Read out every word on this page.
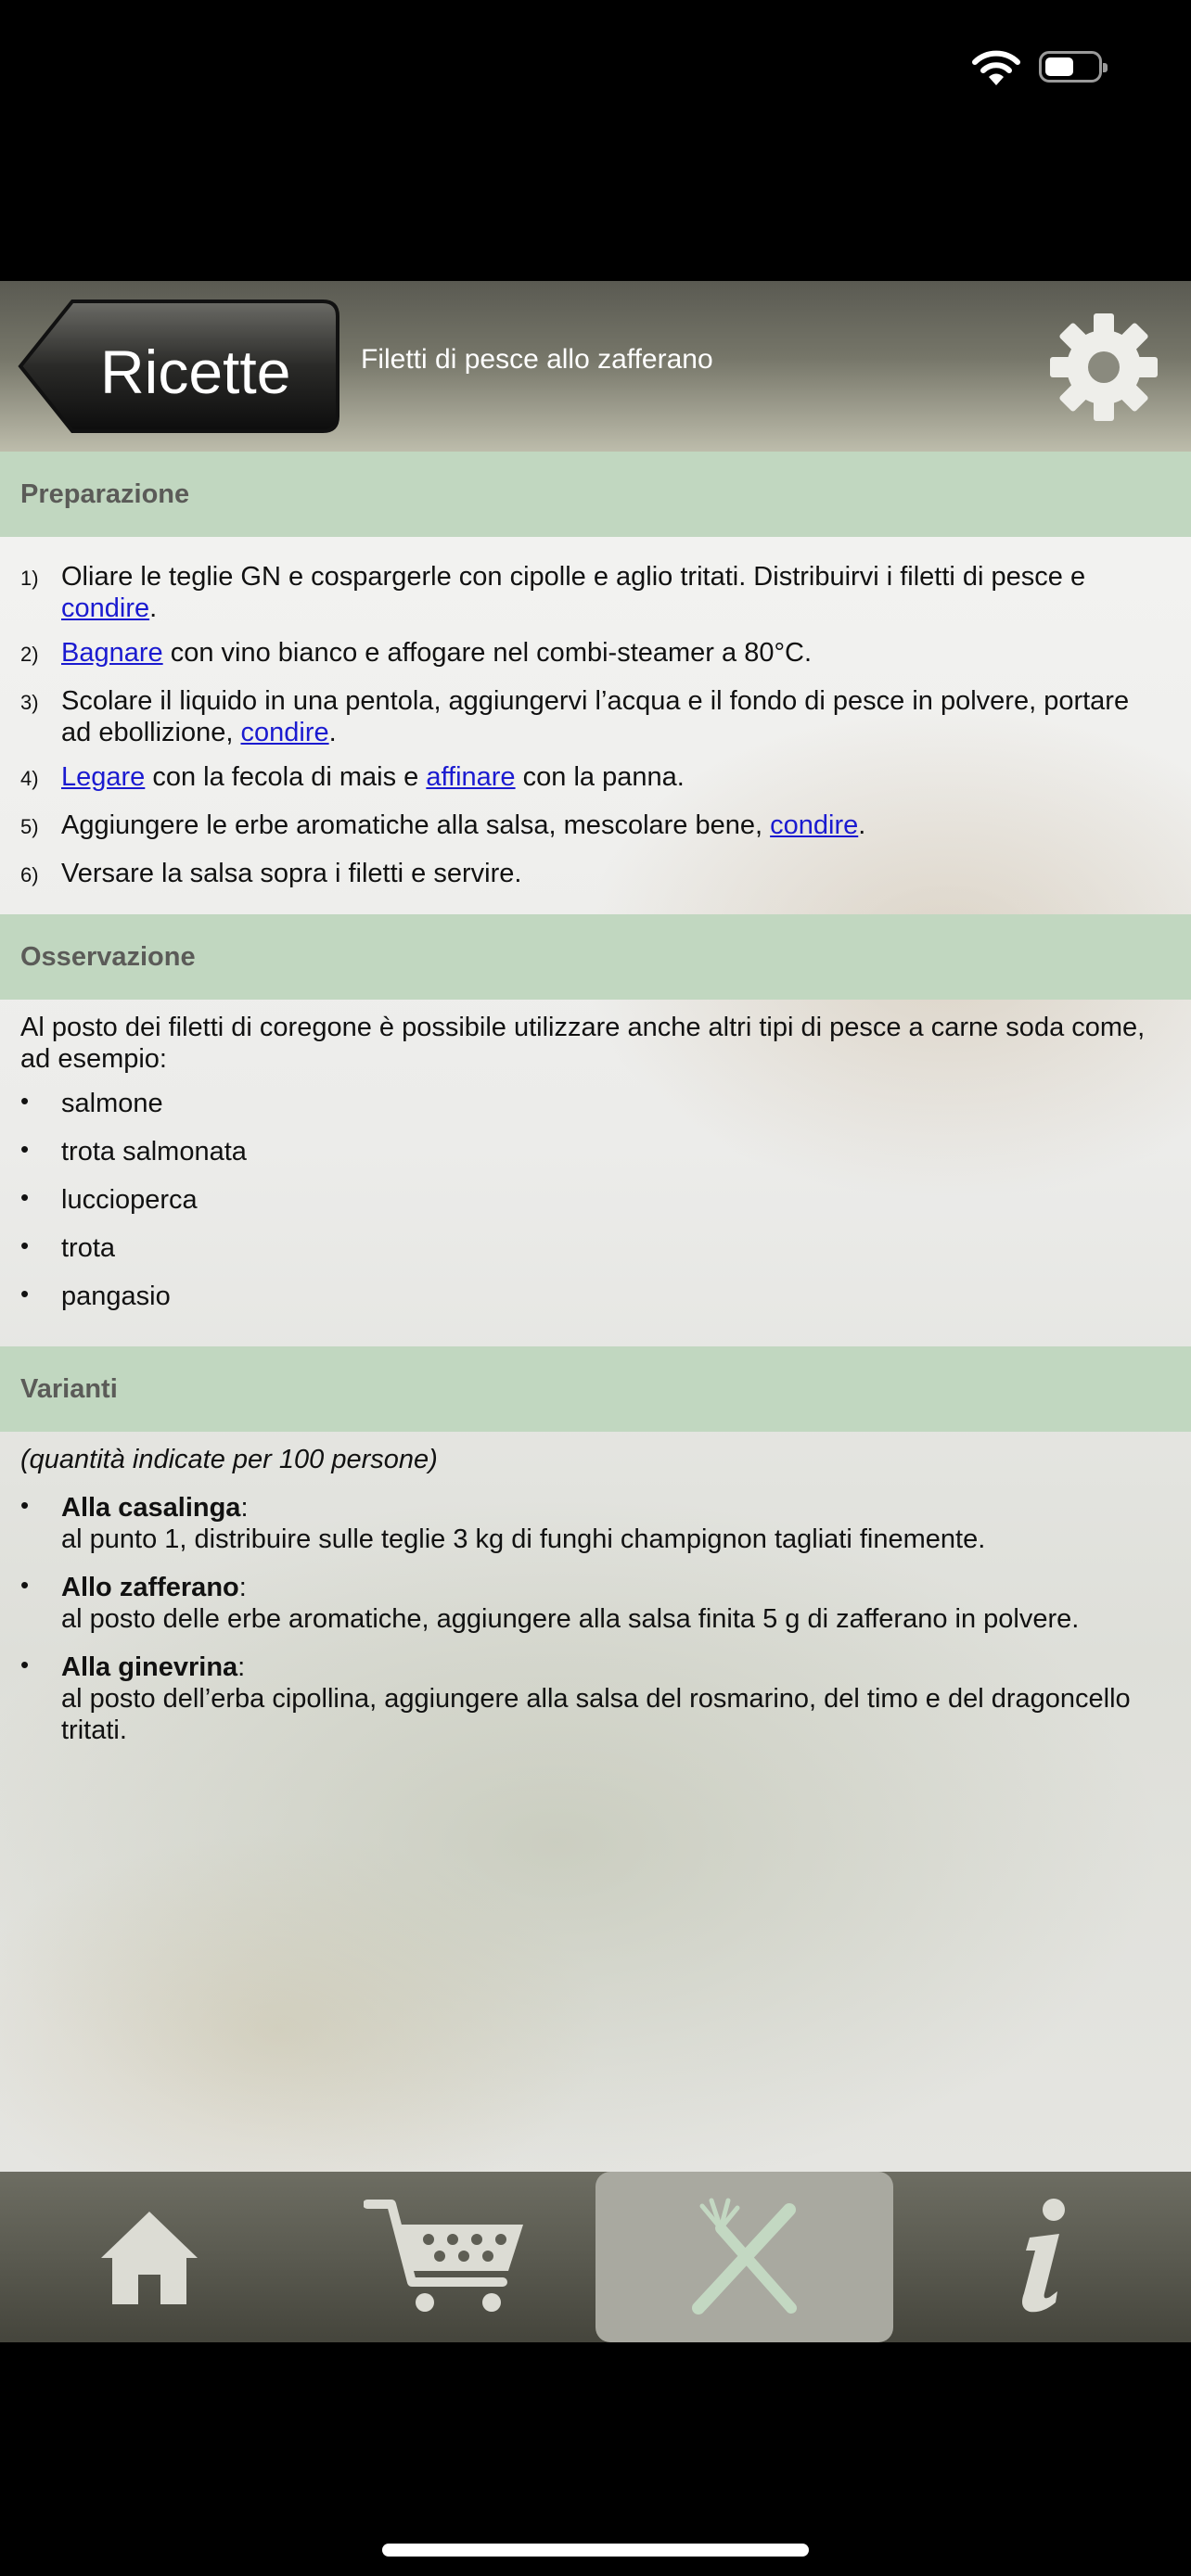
Ricette	Filetti di pesce allo zafferano
Preparazione
1) Oliare le teglie GN e cospargerle con cipolle e aglio tritati. Distribuirvi i filetti di pesce e condire.
2) Bagnare con vino bianco e affogare nel combi-steamer a 80°C.
3) Scolare il liquido in una pentola, aggiungervi l’acqua e il fondo di pesce in polvere, portare ad ebollizione, condire.
4) Legare con la fecola di mais e affinare con la panna.
5) Aggiungere le erbe aromatiche alla salsa, mescolare bene, condire.
6) Versare la salsa sopra i filetti e servire.
Osservazione
Al posto dei filetti di coregone è possibile utilizzare anche altri tipi di pesce a carne soda come, ad esempio:
• salmone
• trota salmonata
• luccioperca
• trota
• pangasio
Varianti
(quantità indicate per 100 persone)
• Alla casalinga:
al punto 1, distribuire sulle teglie 3 kg di funghi champignon tagliati finemente.
• Allo zafferano:
al posto delle erbe aromatiche, aggiungere alla salsa finita 5 g di zafferano in polvere.
• Alla ginevrina:
al posto dell’erba cipollina, aggiungere alla salsa del rosmarino, del timo e del dragoncello tritati.
